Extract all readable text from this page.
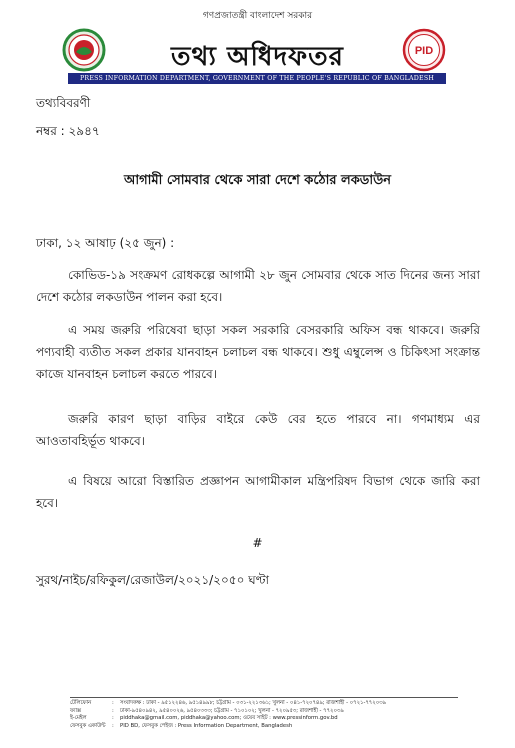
গণপ্রজাতন্ত্রী বাংলাদেশ সরকার
তথ্য অধিদফতর	PID
PRESS INFORMATION DEPARTMENT, GOVERNMENT OF THE PEOPLE'S REPUBLIC OF BANGLADESH
তথ্যবিবরণী
নম্বর : ২৯৪৭
আগামী সোমবার থেকে সারা দেশে কঠোর লকডাউন
ঢাকা, ১২ আষাঢ় (২৫ জুন) :
কোভিড-১৯ সংক্রমণ রোধকল্পে আগামী ২৮ জুন সোমবার থেকে সাত দিনের জন্য সারা দেশে কঠোর লকডাউন পালন করা হবে।
এ সময় জরুরি পরিষেবা ছাড়া সকল সরকারি বেসরকারি অফিস বন্ধ থাকবে। জরুরি পণ্যবাহী ব্যতীত সকল প্রকার যানবাহন চলাচল বন্ধ থাকবে। শুধু এম্বুলেন্স ও চিকিৎসা সংক্রান্ত কাজে যানবাহন চলাচল করতে পারবে।
জরুরি কারণ ছাড়া বাড়ির বাইরে কেউ বের হতে পারবে না। গণমাধ্যম এর আওতাবহির্ভূত থাকবে।
এ বিষয়ে আরো বিস্তারিত প্রজ্ঞাপন আগামীকাল মন্ত্রিপরিষদ বিভাগ থেকে জারি করা হবে।
#
সুরথ/নাইচ/রফিকুল/রেজাউল/২০২১/২০৫০ ঘণ্টা
টেলিফোন	:	সংবাদকক্ষ : ঢাকা - ৯৫১২২৪৬, ৯৫১৪৯৯৮; চট্টগ্রাম - ০৩১-২২১৩৬১; খুলনা - ০৪১-৭২০৭৪৯; রাজশাহী - ০৭২১-৭৭২০৩৯
ফ্যাক্স	:	ঢাকা-৯৫৪০৯৪২, ৯৫৪০০২৬, ৯৫৪০৩৩৩; চট্টগ্রাম - ৭১০১০২; খুলনা - ৭২০৯৫৩; রাজশাহী - ৭৭২০৩৯
ই-মেইল	:	piddhaka@gmail.com, piddhaka@yahoo.com; ওয়েব সাইট : www.pressinform.gov.bd
ফেসবুক একাউন্ট	:	PID BD, ফেসবুক পেইজ : Press Information Department, Bangladesh
